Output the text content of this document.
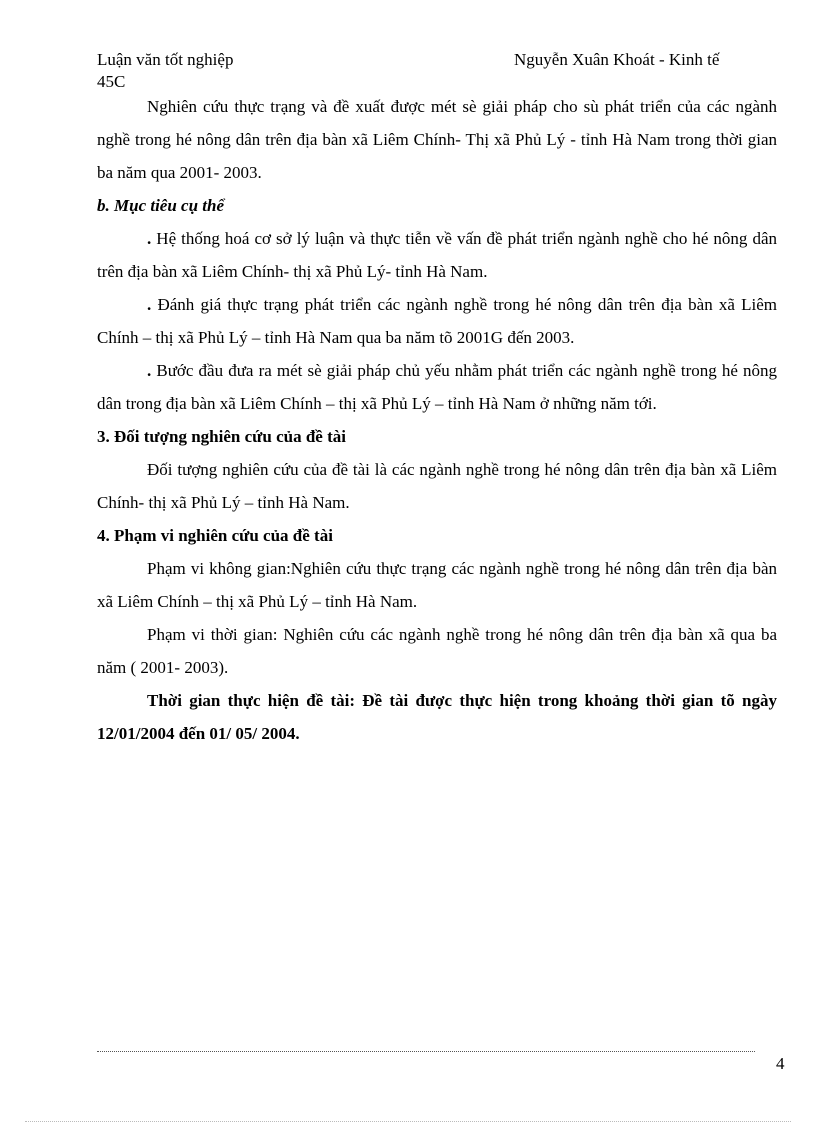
Luận văn tốt nghiệp	Nguyễn Xuân Khoát - Kinh tế
45C

Nghiên cứu thực trạng và đề xuất được mét sè giải pháp cho sù phát triển của các ngành nghề trong hé nông dân trên địa bàn xã Liêm Chính- Thị xã Phủ Lý - tỉnh Hà Nam trong thời gian ba năm qua 2001- 2003.

b. Mục tiêu cụ thể

. Hệ thống hoá cơ sở lý luận và thực tiễn về vấn đề phát triển ngành nghề cho hé nông dân trên địa bàn xã Liêm Chính- thị xã Phủ Lý- tỉnh Hà Nam.

. Đánh giá thực trạng phát triển các ngành nghề trong hé nông dân trên địa bàn xã Liêm Chính – thị xã Phủ Lý – tỉnh Hà Nam qua ba năm tõ 2001G đến 2003.

. Bước đầu đưa ra mét sè giải pháp chủ yếu nhằm phát triển các ngành nghề trong hé nông dân trong địa bàn xã Liêm Chính – thị xã Phủ Lý – tỉnh Hà Nam ở những năm tới.

3. Đối tượng nghiên cứu của đề tài

Đối tượng nghiên cứu của đề tài là các ngành nghề trong hé nông dân trên địa bàn xã Liêm Chính- thị xã Phủ Lý – tỉnh Hà Nam.

4. Phạm vi nghiên cứu của đề tài

Phạm vi không gian:Nghiên cứu thực trạng các ngành nghề trong hé nông dân trên địa bàn xã Liêm Chính – thị xã Phủ Lý – tỉnh Hà Nam.

Phạm vi thời gian: Nghiên cứu các ngành nghề trong hé nông dân trên địa bàn xã qua ba năm ( 2001- 2003).

Thời gian thực hiện đề tài: Đề tài được thực hiện trong khoảng thời gian tõ ngày 12/01/2004 đến 01/ 05/ 2004.

4
